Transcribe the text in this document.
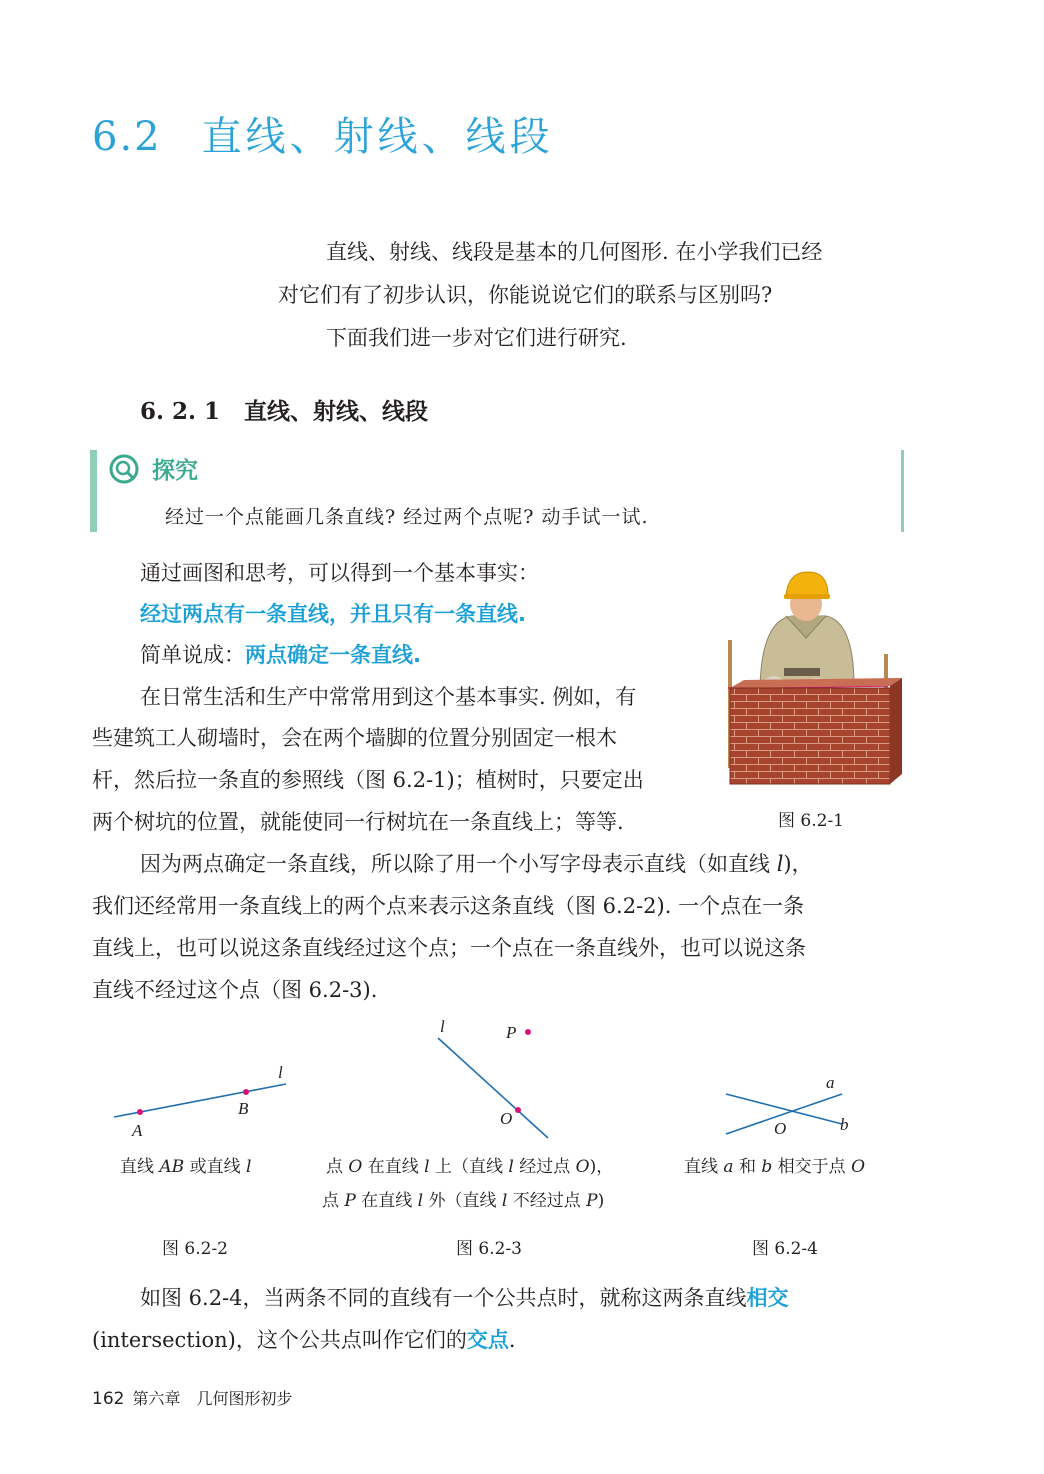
6.2 直线、射线、线段
直线、射线、线段是基本的几何图形. 在小学我们已经
对它们有了初步认识，你能说说它们的联系与区别吗?
下面我们进一步对它们进行研究.
6. 2. 1 直线、射线、线段
探究
经过一个点能画几条直线? 经过两个点呢? 动手试一试.
通过画图和思考，可以得到一个基本事实：
经过两点有一条直线，并且只有一条直线.
简单说成：两点确定一条直线.
在日常生活和生产中常常用到这个基本事实. 例如，有
些建筑工人砌墙时，会在两个墙脚的位置分别固定一根木
杆，然后拉一条直的参照线（图 6.2-1)；植树时，只要定出
两个树坑的位置，就能使同一行树坑在一条直线上；等等.	图 6.2-1
因为两点确定一条直线，所以除了用一个小写字母表示直线（如直线 l)，
我们还经常用一条直线上的两个点来表示这条直线（图 6.2-2). 一个点在一条
直线上，也可以说这条直线经过这个点；一个点在一条直线外，也可以说这条
直线不经过这个点（图 6.2-3).
A
B
l
直线 AB 或直线 l
图 6.2-2
l	P
O
点 O 在直线 l 上（直线 l 经过点 O)，
点 P 在直线 l 外（直线 l 不经过点 P)
图 6.2-3
a
b
O
直线 a 和 b 相交于点 O
图 6.2-4
如图 6.2-4，当两条不同的直线有一个公共点时，就称这两条直线相交
(intersection)，这个公共点叫作它们的交点.
162 第六章　几何图形初步
